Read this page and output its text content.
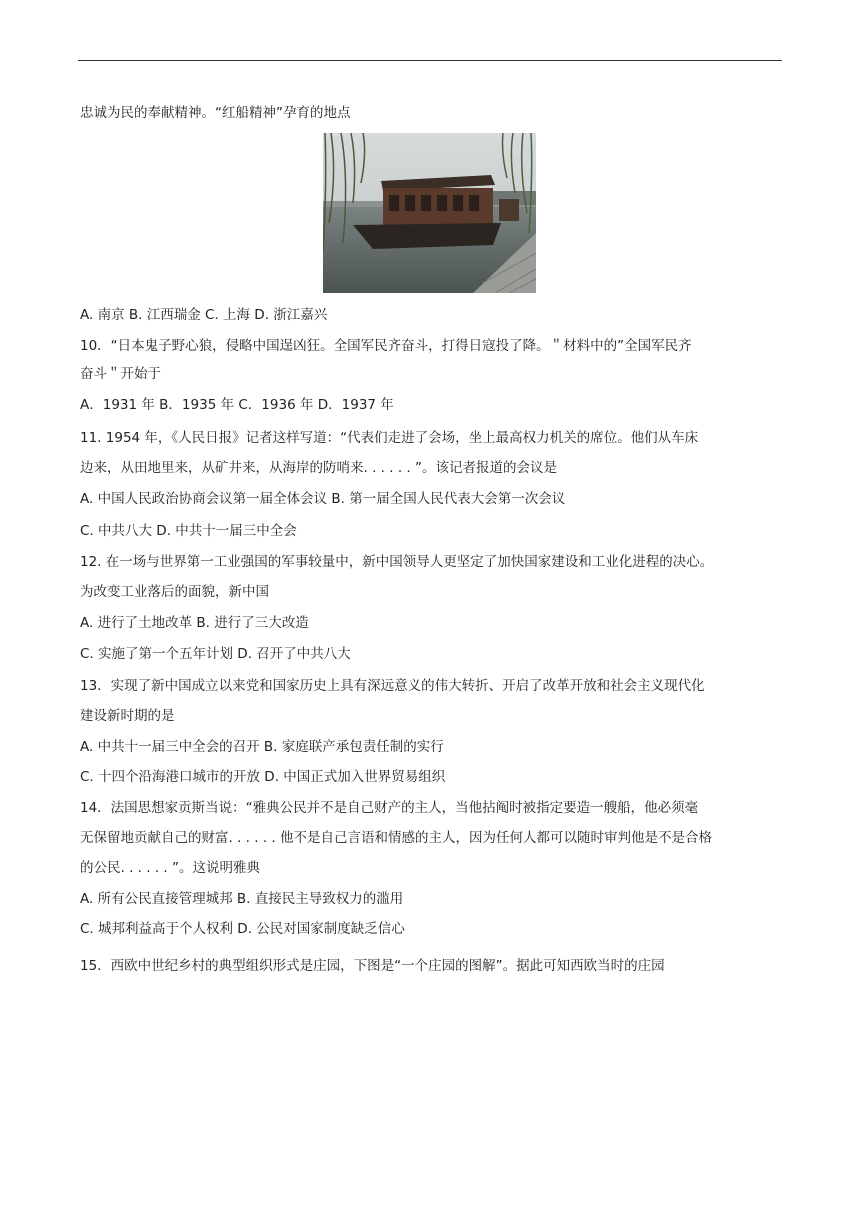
忠诚为民的奉献精神。“红船精神”孕育的地点
A. 南京 B. 江西瑞金 C. 上海 D. 浙江嘉兴
10．“日本鬼子野心狼，侵略中国逞凶狂。全国军民齐奋斗，打得日寇投了降。＂材料中的”全国军民齐
奋斗＂开始于
A．1931 年 B．1935 年 C．1936 年 D．1937 年
11. 1954 年，《人民日报》记者这样写道：“代表们走进了会场，坐上最高权力机关的席位。他们从车床
边来，从田地里来，从矿井来，从海岸的防哨来. . . . . . ”。该记者报道的会议是
A. 中国人民政治协商会议第一届全体会议 B. 第一届全国人民代表大会第一次会议
C. 中共八大 D. 中共十一届三中全会
12. 在一场与世界第一工业强国的军事较量中，新中国领导人更坚定了加快国家建设和工业化进程的决心。
为改变工业落后的面貌，新中国
A. 进行了土地改革 B. 进行了三大改造
C. 实施了第一个五年计划 D. 召开了中共八大
13．实现了新中国成立以来党和国家历史上具有深远意义的伟大转折、开启了改革开放和社会主义现代化
建设新时期的是
A. 中共十一届三中全会的召开 B. 家庭联产承包责任制的实行
C. 十四个沿海港口城市的开放 D. 中国正式加入世界贸易组织
14．法国思想家贡斯当说：“雅典公民并不是自己财产的主人，当他拈阄时被指定要造一艘船，他必须毫
无保留地贡献自己的财富. . . . . . 他不是自己言语和情感的主人，因为任何人都可以随时审判他是不是合格
的公民. . . . . . ”。这说明雅典
A. 所有公民直接管理城邦 B. 直接民主导致权力的滥用
C. 城邦利益高于个人权利 D. 公民对国家制度缺乏信心
15．西欧中世纪乡村的典型组织形式是庄园，下图是“一个庄园的图解”。据此可知西欧当时的庄园
